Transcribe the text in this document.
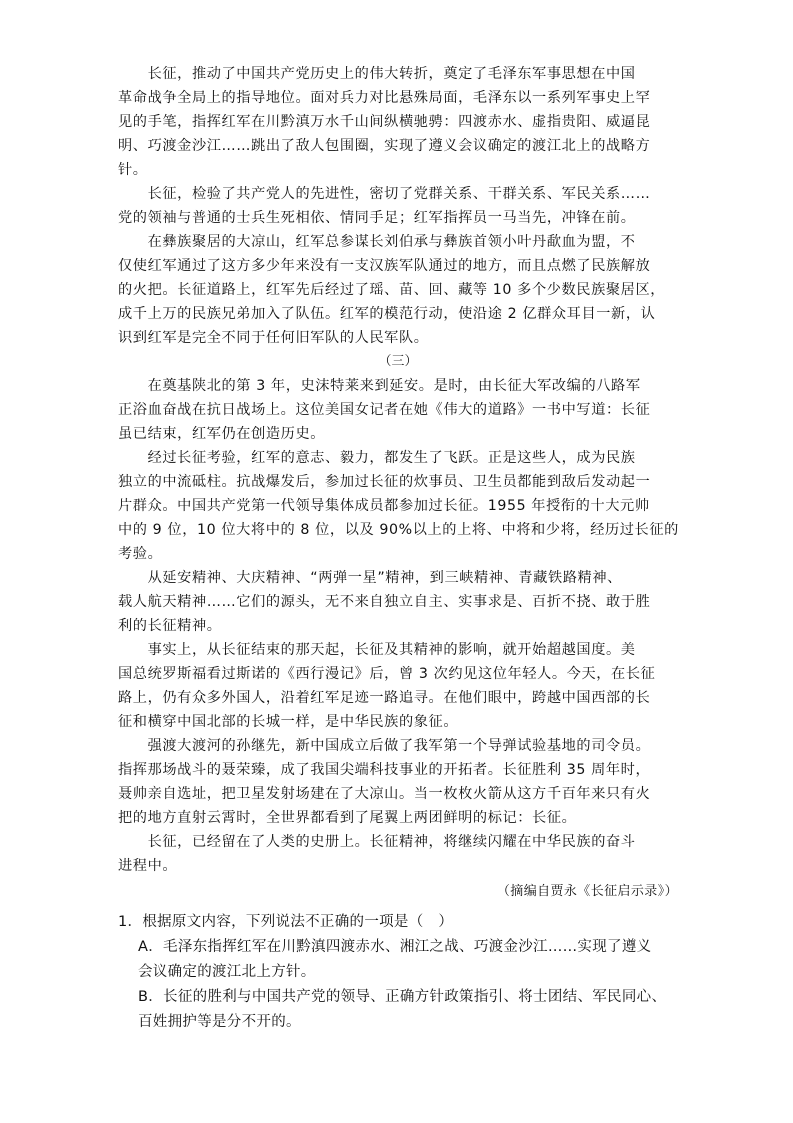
　　长征，推动了中国共产党历史上的伟大转折，奠定了毛泽东军事思想在中国
革命战争全局上的指导地位。面对兵力对比悬殊局面，毛泽东以一系列军事史上罕
见的手笔，指挥红军在川黔滇万水千山间纵横驰骋：四渡赤水、虚指贵阳、威逼昆
明、巧渡金沙江……跳出了敌人包围圈，实现了遵义会议确定的渡江北上的战略方
针。
　　长征，检验了共产党人的先进性，密切了党群关系、干群关系、军民关系……
党的领袖与普通的士兵生死相依、情同手足；红军指挥员一马当先，冲锋在前。
　　在彝族聚居的大凉山，红军总参谋长刘伯承与彝族首领小叶丹歃血为盟，不
仅使红军通过了这方多少年来没有一支汉族军队通过的地方，而且点燃了民族解放
的火把。长征道路上，红军先后经过了瑶、苗、回、藏等 10 多个少数民族聚居区，
成千上万的民族兄弟加入了队伍。红军的模范行动，使沿途 2 亿群众耳目一新，认
识到红军是完全不同于任何旧军队的人民军队。
（三）
　　在奠基陕北的第 3 年，史沫特莱来到延安。是时，由长征大军改编的八路军
正浴血奋战在抗日战场上。这位美国女记者在她《伟大的道路》一书中写道：长征
虽已结束，红军仍在创造历史。
　　经过长征考验，红军的意志、毅力，都发生了飞跃。正是这些人，成为民族
独立的中流砥柱。抗战爆发后，参加过长征的炊事员、卫生员都能到敌后发动起一
片群众。中国共产党第一代领导集体成员都参加过长征。1955 年授衔的十大元帅
中的 9 位，10 位大将中的 8 位，以及 90%以上的上将、中将和少将，经历过长征的
考验。
　　从延安精神、大庆精神、“两弹一星”精神，到三峡精神、青藏铁路精神、
载人航天精神……它们的源头，无不来自独立自主、实事求是、百折不挠、敢于胜
利的长征精神。
　　事实上，从长征结束的那天起，长征及其精神的影响，就开始超越国度。美
国总统罗斯福看过斯诺的《西行漫记》后，曾 3 次约见这位年轻人。今天，在长征
路上，仍有众多外国人，沿着红军足迹一路追寻。在他们眼中，跨越中国西部的长
征和横穿中国北部的长城一样，是中华民族的象征。
　　强渡大渡河的孙继先，新中国成立后做了我军第一个导弹试验基地的司令员。
指挥那场战斗的聂荣臻，成了我国尖端科技事业的开拓者。长征胜利 35 周年时，
聂帅亲自选址，把卫星发射场建在了大凉山。当一枚枚火箭从这方千百年来只有火
把的地方直射云霄时，全世界都看到了尾翼上两团鲜明的标记：长征。
　　长征，已经留在了人类的史册上。长征精神，将继续闪耀在中华民族的奋斗
进程中。
（摘编自贾永《长征启示录》）
1．根据原文内容，下列说法不正确的一项是（　）
A．毛泽东指挥红军在川黔滇四渡赤水、湘江之战、巧渡金沙江……实现了遵义
会议确定的渡江北上方针。
B．长征的胜利与中国共产党的领导、正确方针政策指引、将士团结、军民同心、
百姓拥护等是分不开的。
